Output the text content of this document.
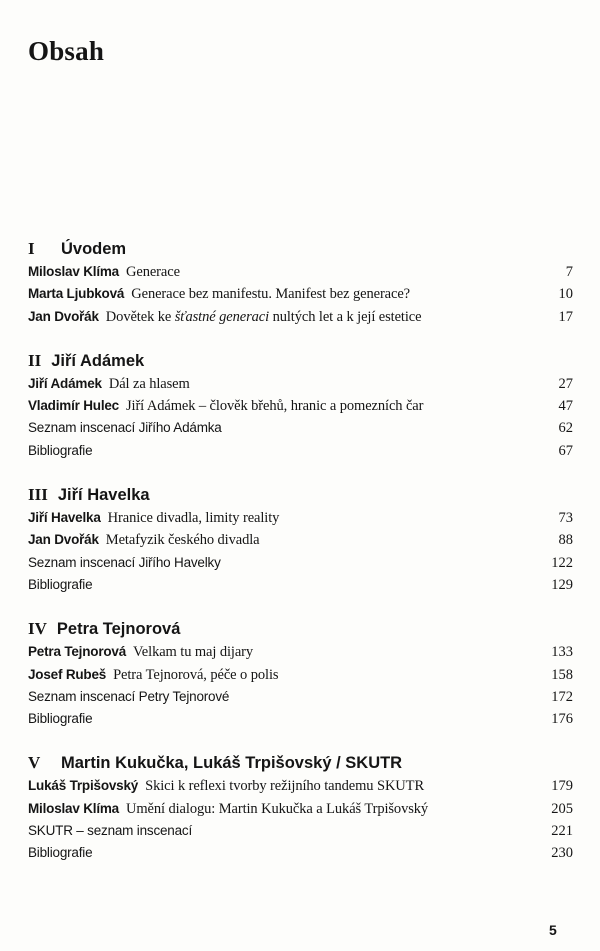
Obsah
I	Úvodem
Miloslav Klíma Generace	7
Marta Ljubková Generace bez manifestu. Manifest bez generace?	10
Jan Dvořák Dovětek ke šťastné generaci nultých let a k její estetice	17
II Jiří Adámek
Jiří Adámek Dál za hlasem	27
Vladimír Hulec Jiří Adámek – člověk břehů, hranic a pomezních čar	47
Seznam inscenací Jiřího Adámka	62
Bibliografie	67
III Jiří Havelka
Jiří Havelka Hranice divadla, limity reality	73
Jan Dvořák Metafyzik českého divadla	88
Seznam inscenací Jiřího Havelky	122
Bibliografie	129
IV Petra Tejnorová
Petra Tejnorová Velkam tu maj dijary	133
Josef Rubeš Petra Tejnorová, péče o polis	158
Seznam inscenací Petry Tejnorové	172
Bibliografie	176
V	Martin Kukučka, Lukáš Trpišovský / SKUTR
Lukáš Trpišovský Skici k reflexi tvorby režijního tandemu SKUTR	179
Miloslav Klíma Umění dialogu: Martin Kukučka a Lukáš Trpišovský	205
SKUTR – seznam inscenací	221
Bibliografie	230
5
